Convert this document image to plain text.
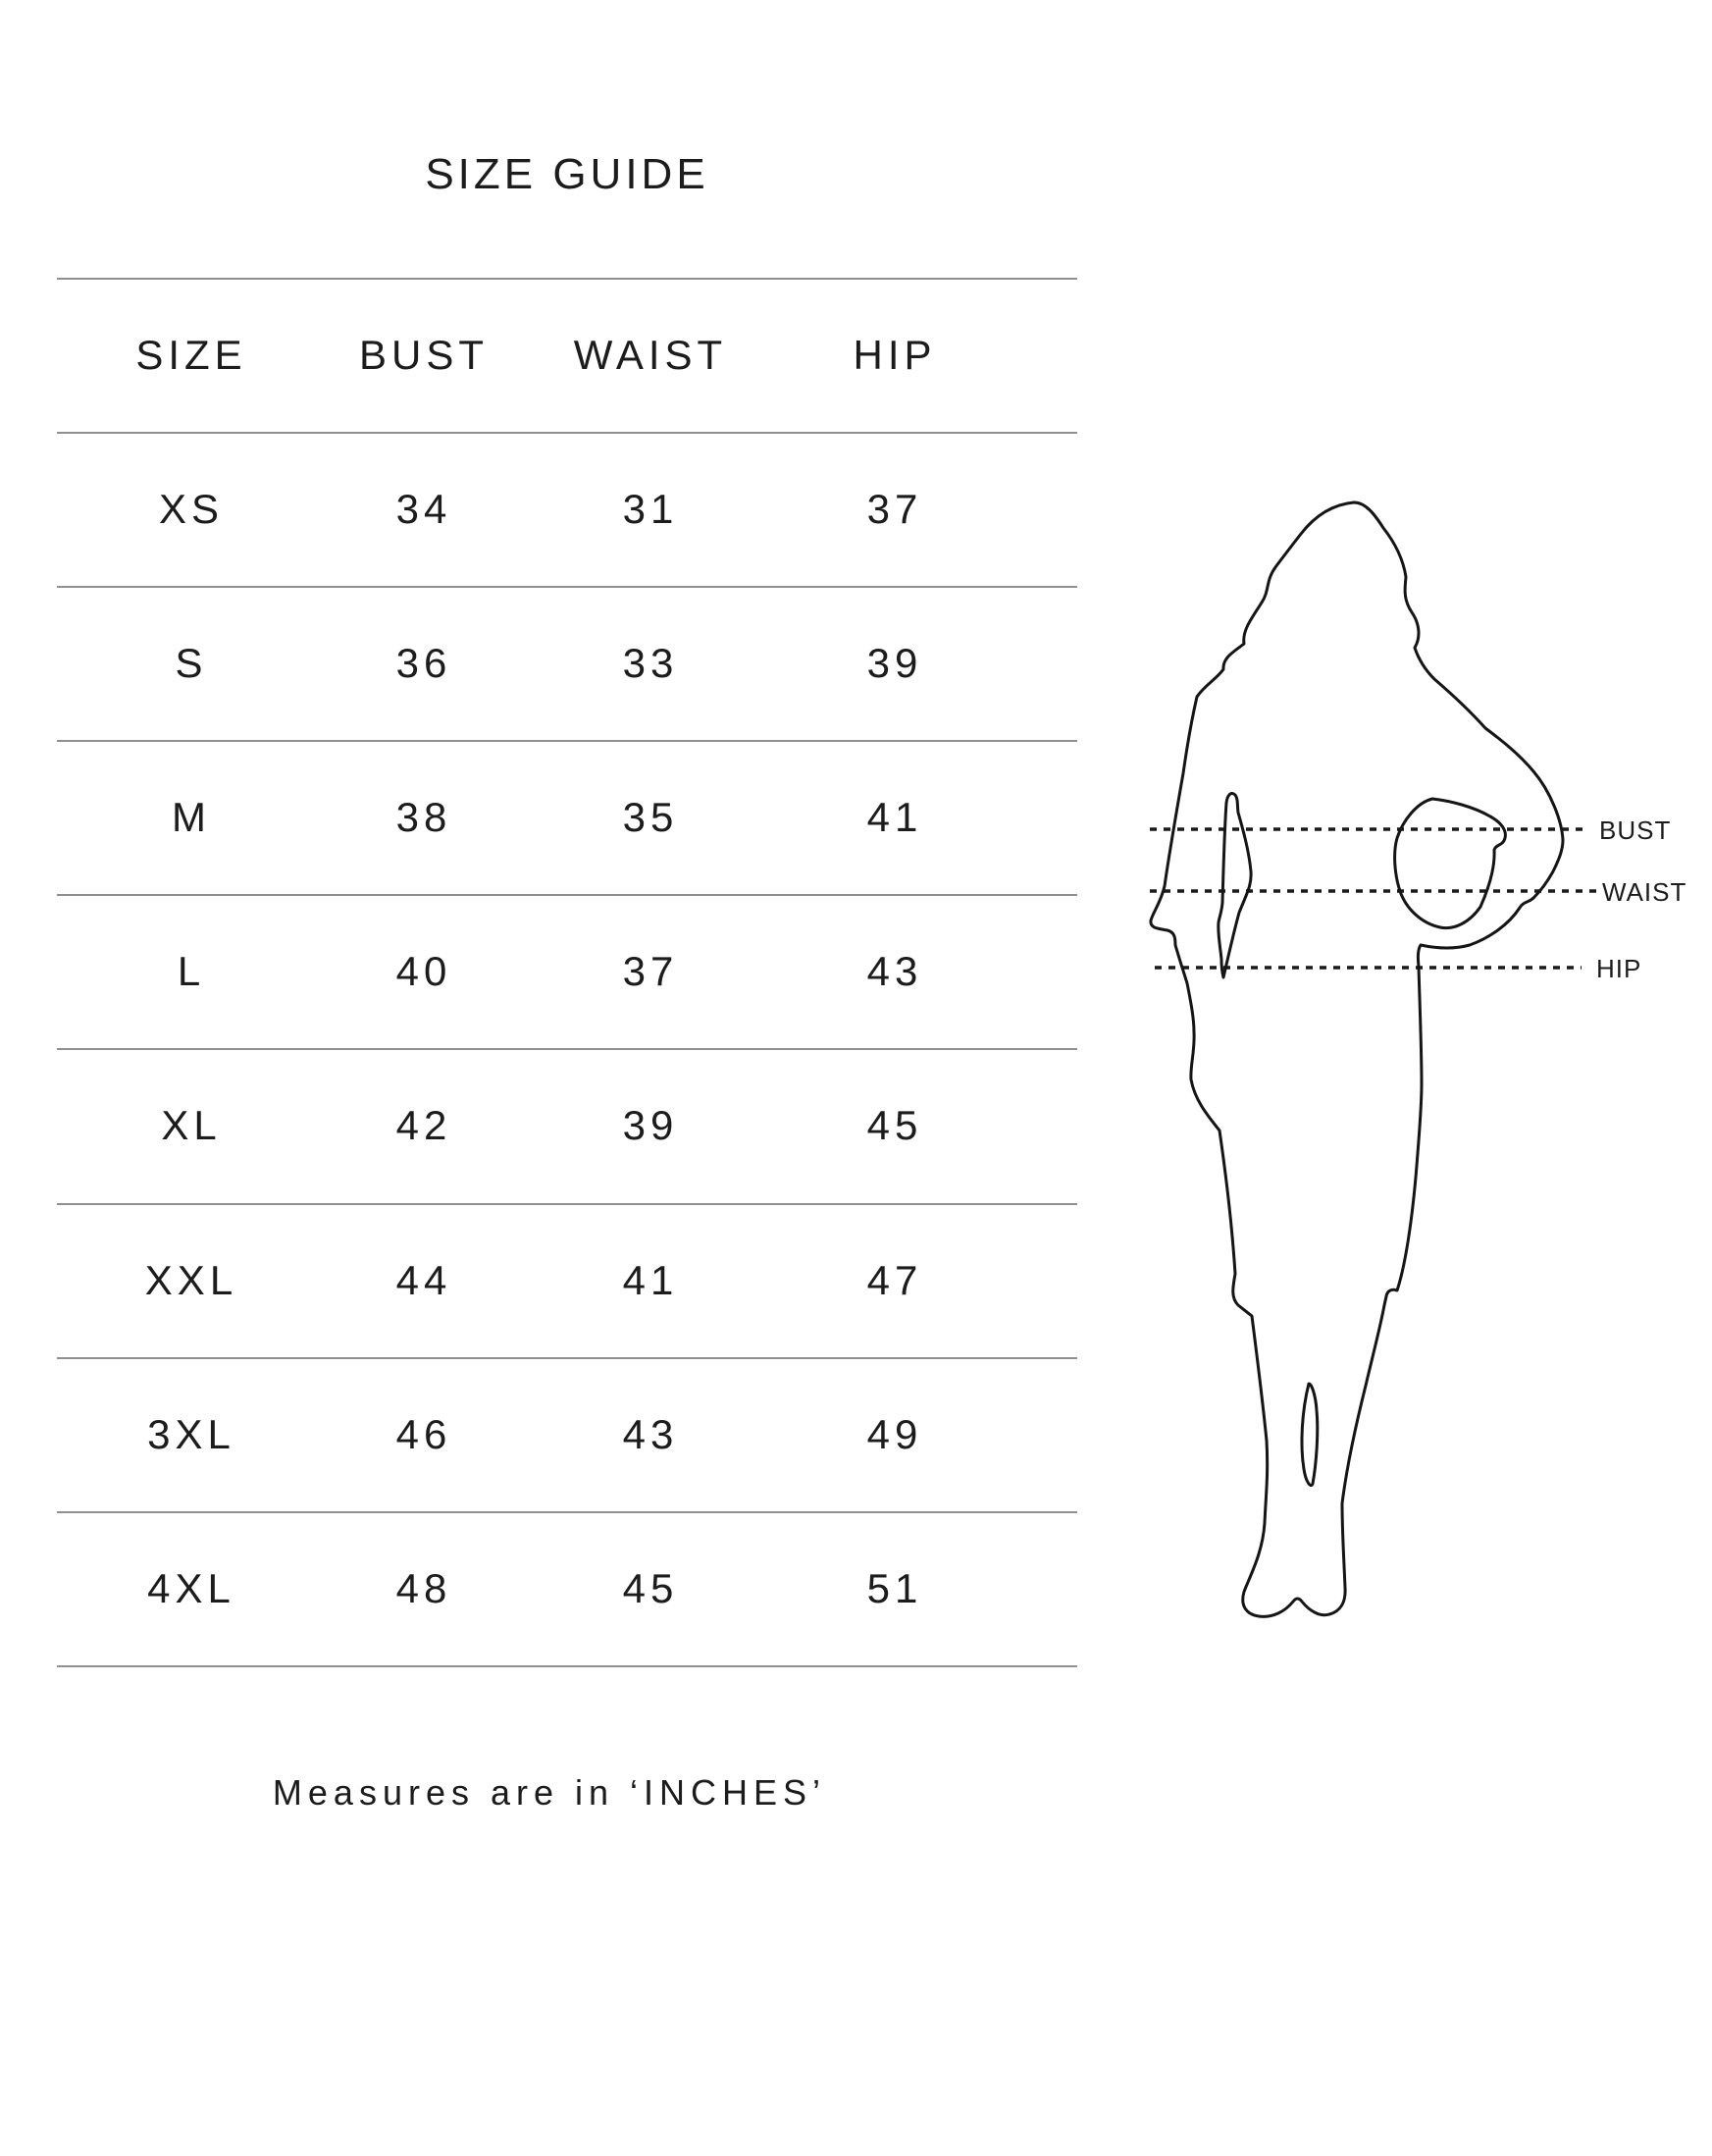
SIZE GUIDE
SIZE	BUST	WAIST	HIP
XS	34	31	37
S	36	33	39
M	38	35	41
L	40	37	43
XL	42	39	45
XXL	44	41	47
3XL	46	43	49
4XL	48	45	51
Measures are in ‘INCHES’
BUST
WAIST
HIP
